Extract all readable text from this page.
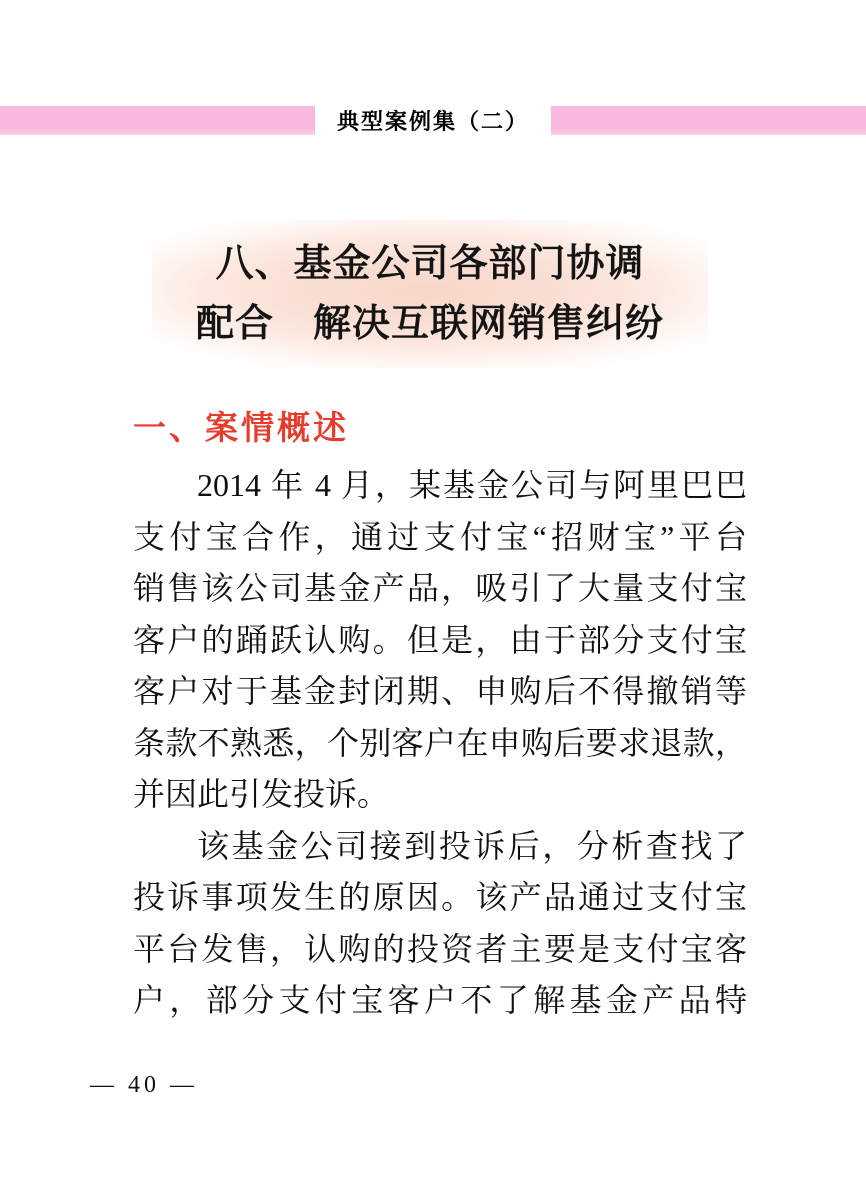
典型案例集（二）
八、基金公司各部门协调
配合　解决互联网销售纠纷
一、案情概述
2014 年 4 月，某基金公司与阿里巴巴
支付宝合作，通过支付宝“招财宝”平台
销售该公司基金产品，吸引了大量支付宝
客户的踊跃认购。但是，由于部分支付宝
客户对于基金封闭期、申购后不得撤销等
条款不熟悉，个别客户在申购后要求退款，
并因此引发投诉。
该基金公司接到投诉后，分析查找了
投诉事项发生的原因。该产品通过支付宝
平台发售，认购的投资者主要是支付宝客
户，部分支付宝客户不了解基金产品特
— 40 —
